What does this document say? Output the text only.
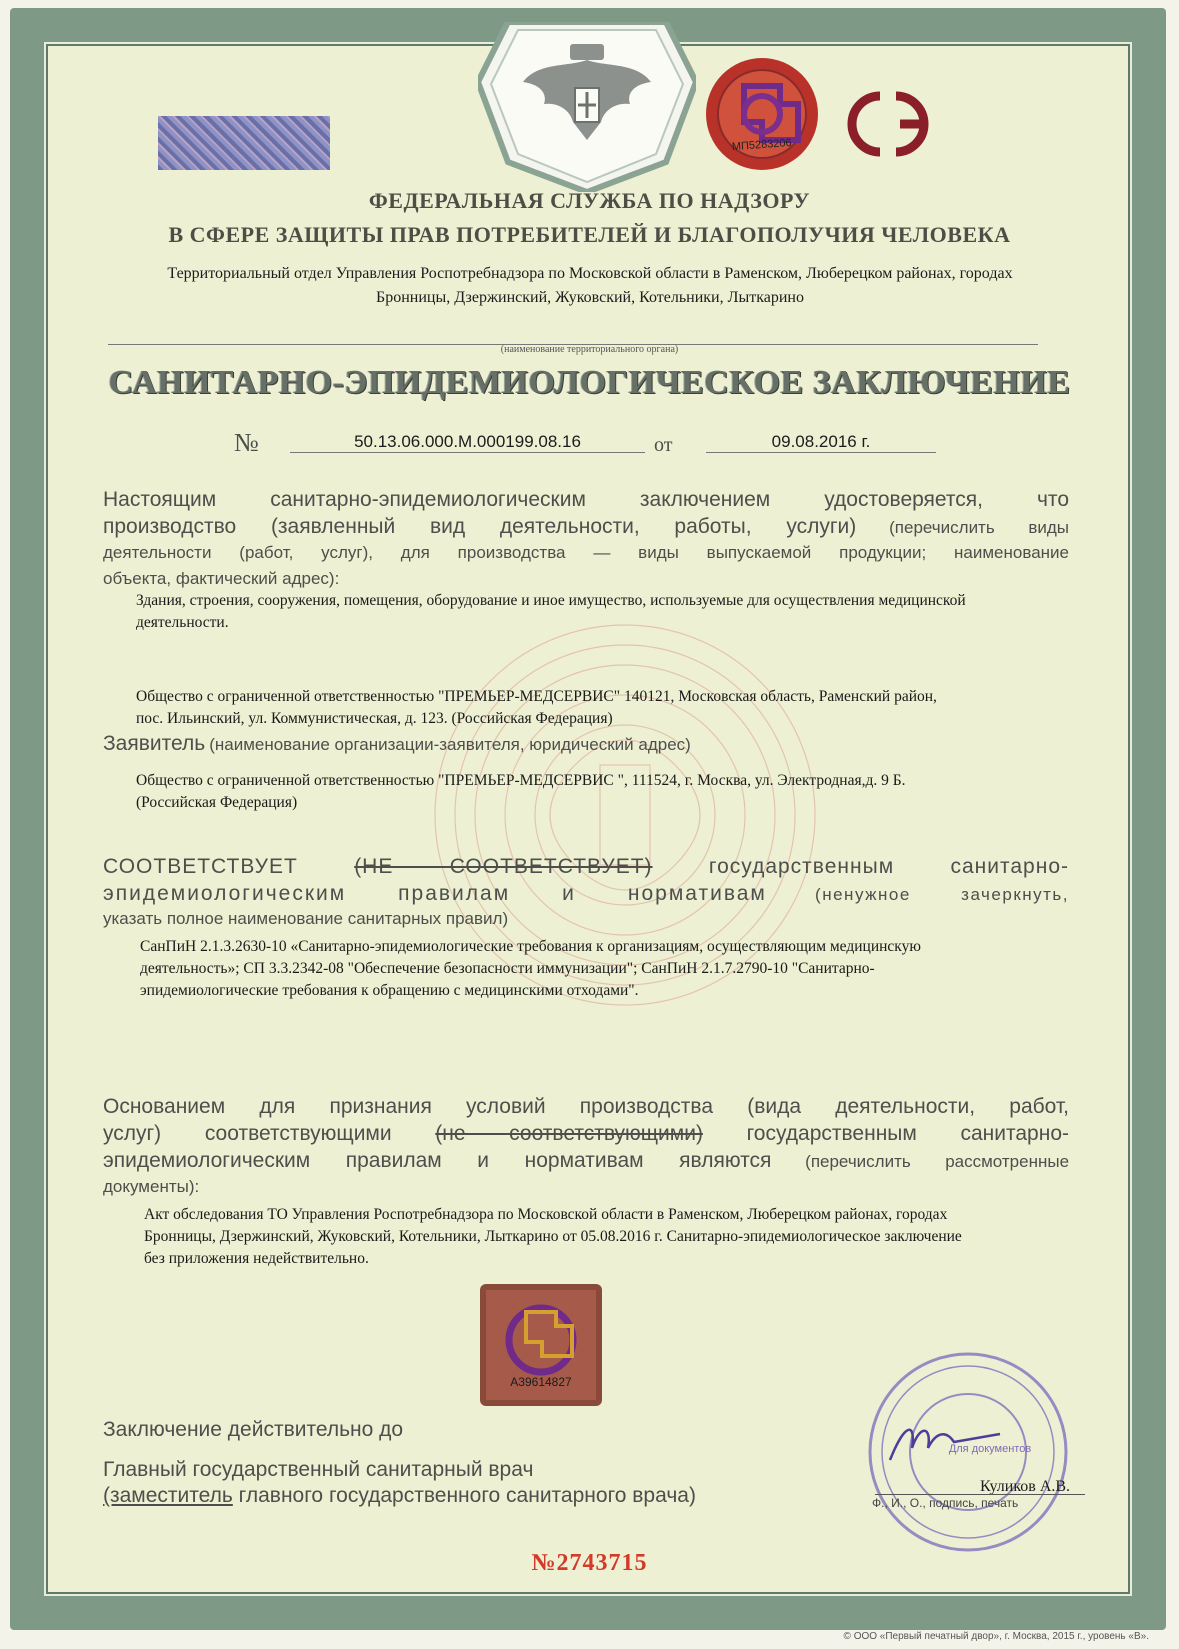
МП5283206
ФЕДЕРАЛЬНАЯ СЛУЖБА ПО НАДЗОРУ
В СФЕРЕ ЗАЩИТЫ ПРАВ ПОТРЕБИТЕЛЕЙ И БЛАГОПОЛУЧИЯ ЧЕЛОВЕКА
Территориальный отдел Управления Роспотребнадзора по Московской области в Раменском, Люберецком районах, городах
Бронницы, Дзержинский, Жуковский, Котельники, Лыткарино
(наименование территориального органа)
САНИТАРНО-ЭПИДЕМИОЛОГИЧЕСКОЕ ЗАКЛЮЧЕНИЕ
№	50.13.06.000.М.000199.08.16	от	09.08.2016 г.
Настоящим санитарно-эпидемиологическим заключением удостоверяется, что
производство (заявленный вид деятельности, работы, услуги) (перечислить виды
деятельности (работ, услуг), для производства — виды выпускаемой продукции; наименование
объекта, фактический адрес):
Здания, строения, сооружения, помещения, оборудование и иное имущество, используемые для осуществления медицинской
деятельности.
Общество с ограниченной ответственностью "ПРЕМЬЕР-МЕДСЕРВИС" 140121, Московская область, Раменский район,
пос. Ильинский, ул. Коммунистическая, д. 123. (Российская Федерация)
Заявитель (наименование организации-заявителя, юридический адрес)
Общество с ограниченной ответственностью "ПРЕМЬЕР-МЕДСЕРВИС ", 111524, г. Москва, ул. Электродная,д. 9 Б.
(Российская Федерация)
СООТВЕТСТВУЕТ	(НЕ СООТВЕТСТВУЕТ)	государственным санитарно-
эпидемиологическим правилам и нормативам	(ненужное зачеркнуть,
указать полное наименование санитарных правил)
СанПиН 2.1.3.2630-10 «Санитарно-эпидемиологические требования к организациям, осуществляющим медицинскую
деятельность»; СП 3.3.2342-08 "Обеспечение безопасности иммунизации"; СанПиН 2.1.7.2790-10 "Санитарно-
эпидемиологические требования к обращению с медицинскими отходами".
Основанием для признания условий производства (вида деятельности, работ,
услуг) соответствующими (не соответствующими) государственным санитарно-
эпидемиологическим правилам и нормативам являются (перечислить рассмотренные
документы):
Акт обследования ТО Управления Роспотребнадзора по Московской области в Раменском, Люберецком районах, городах
Бронницы, Дзержинский, Жуковский, Котельники, Лыткарино от 05.08.2016 г. Санитарно-эпидемиологическое заключение
без приложения недействительно.
А39614827
Заключение действительно до
Главный государственный санитарный врач
(заместитель главного государственного санитарного врача)
Для документов
Куликов А.В.
Ф., И., О., подпись, печать
№2743715
© ООО «Первый печатный двор», г. Москва, 2015 г., уровень «В».
